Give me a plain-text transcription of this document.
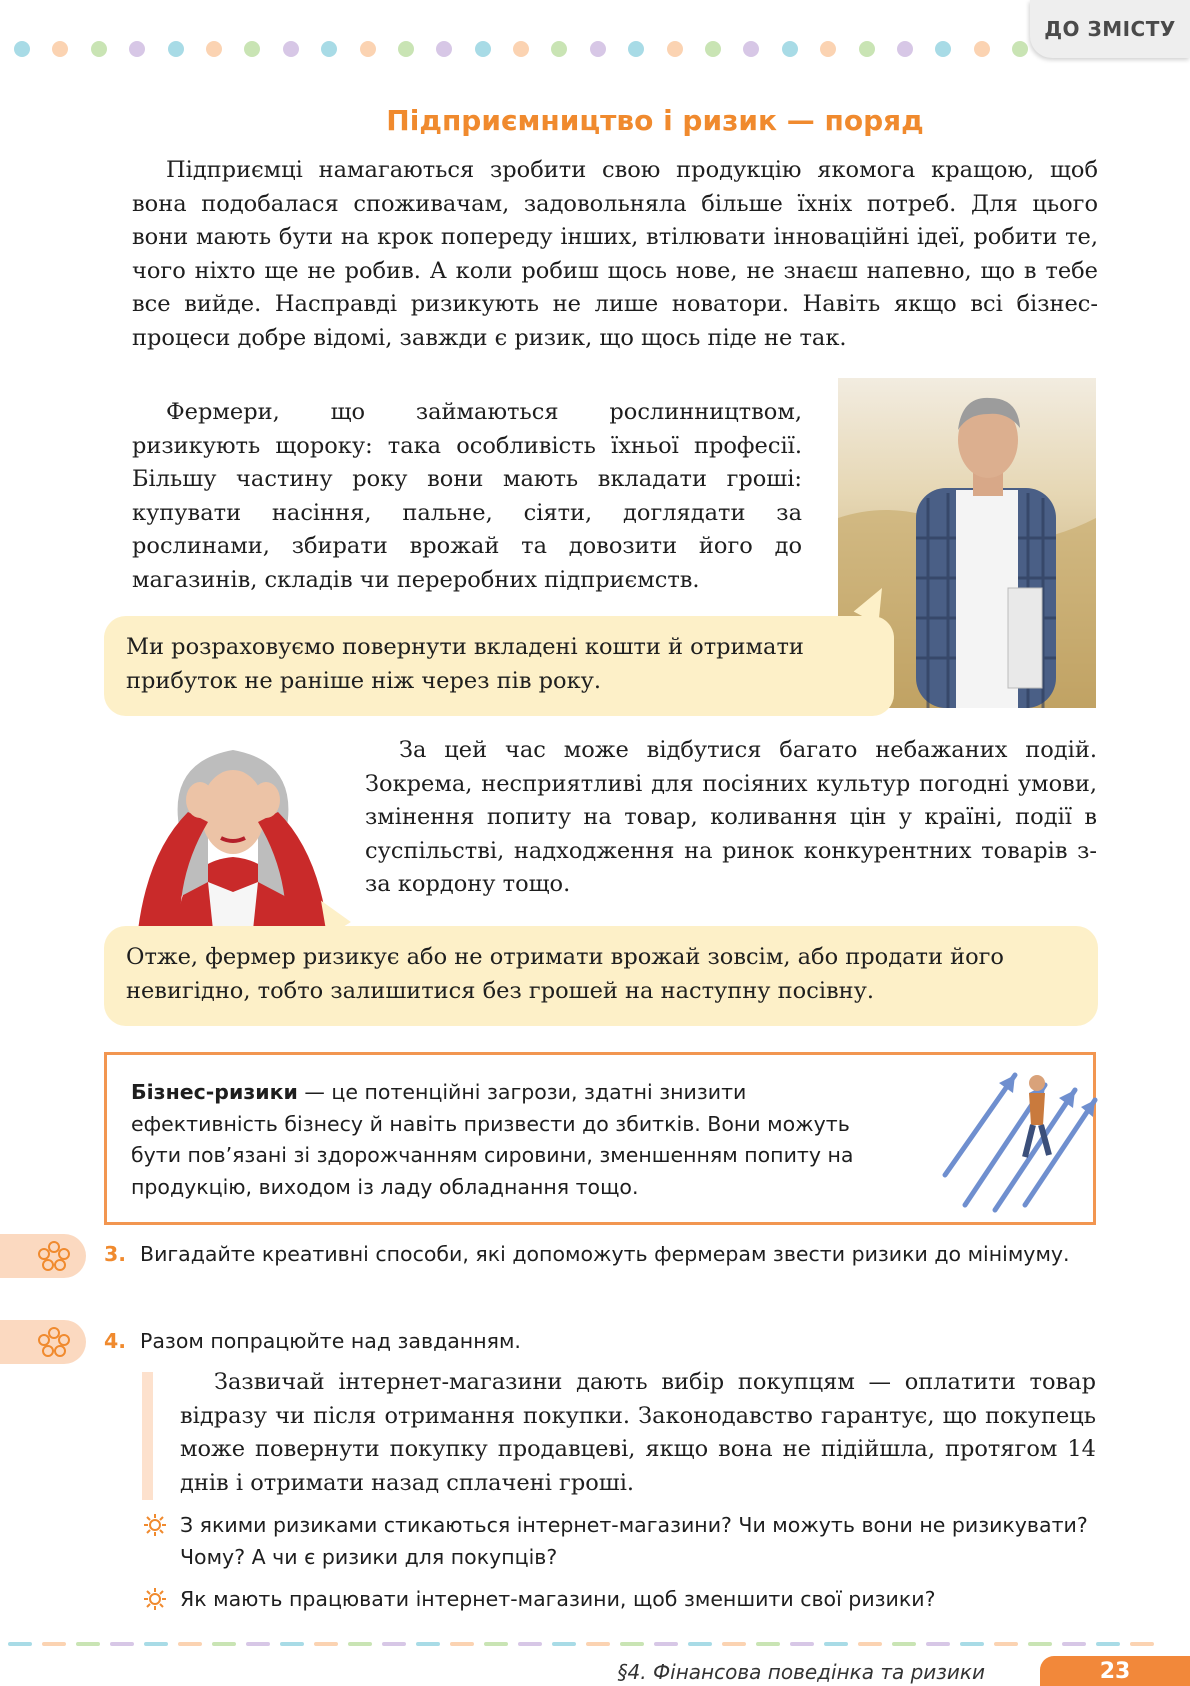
ДО ЗМІСТУ
Підприємництво і ризик — поряд
Підприємці намагаються зробити свою продукцію якомога кращою, щоб вона подобалася споживачам, задовольняла більше їхніх потреб. Для цього вони мають бути на крок попереду інших, втілювати інноваційні ідеї, робити те, чого ніхто ще не робив. А коли робиш щось нове, не знаєш напевно, що в тебе все вийде. Насправді ризикують не лише новатори. Навіть якщо всі бізнес-процеси добре відомі, завжди є ризик, що щось піде не так.
Фермери, що займаються рослинництвом, ризикують щороку: така особливість їхньої професії. Більшу частину року вони мають вкладати гроші: купувати насіння, пальне, сіяти, доглядати за рослинами, збирати врожай та довозити його до магазинів, складів чи переробних підприємств.
Ми розраховуємо повернути вкладені кошти й отримати прибуток не раніше ніж через пів року.
За цей час може відбутися багато небажаних подій. Зокрема, несприятливі для посіяних культур погодні умови, змінення попиту на товар, коливання цін у країні, події в суспільстві, надходження на ринок конкурентних товарів з-за кордону тощо.
Отже, фермер ризикує або не отримати врожай зовсім, або продати його невигідно, тобто залишитися без грошей на наступну посівну.
Бізнес-ризики — це потенційні загрози, здатні знизити ефективність бізнесу й навіть призвести до збитків. Вони можуть бути пов’язані зі здорожчанням сировини, зменшенням попиту на продукцію, виходом із ладу обладнання тощо.
3. Вигадайте креативні способи, які допоможуть фермерам звести ризики до мінімуму.
4. Разом попрацюйте над завданням.
Зазвичай інтернет-магазини дають вибір покупцям — оплатити товар відразу чи після отримання покупки. Законодавство гарантує, що покупець може повернути покупку продавцеві, якщо вона не підійшла, протягом 14 днів і отримати назад сплачені гроші.
З якими ризиками стикаються інтернет-магазини? Чи можуть вони не ризикувати? Чому? А чи є ризики для покупців?
Як мають працювати інтернет-магазини, щоб зменшити свої ризики?
§4. Фінансова поведінка та ризики	23
